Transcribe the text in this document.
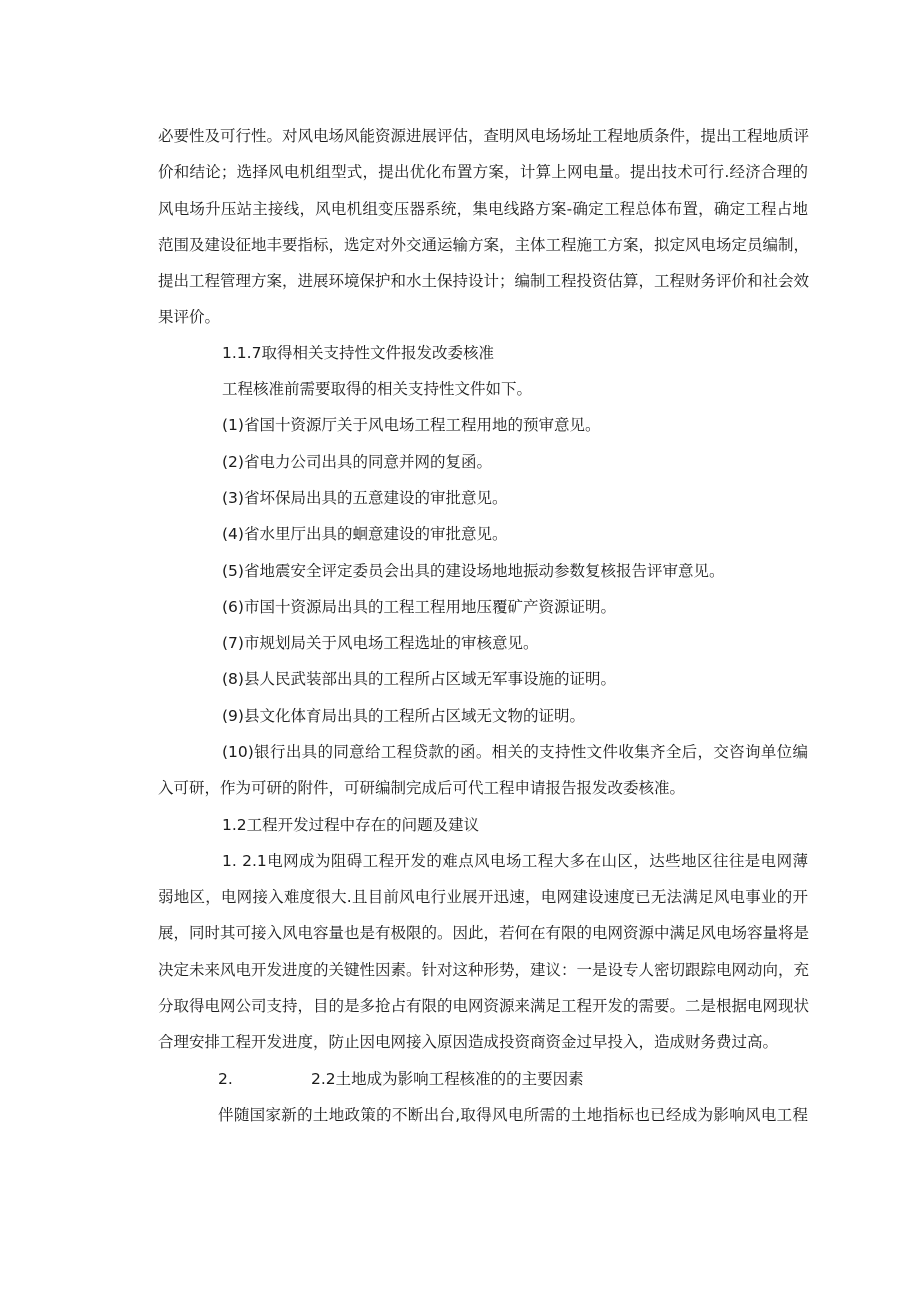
必要性及可行性。对风电场风能资源进展评估，查明风电场场址工程地质条件，提出工程地质评
价和结论；选择风电机组型式，提出优化布置方案，计算上网电量。提出技术可行.经济合理的
风电场升压站主接线，风电机组变压器系统，集电线路方案-确定工程总体布置，确定工程占地
范围及建设征地丰要指标，选定对外交通运输方案，主体工程施工方案，拟定风电场定员编制，
提出工程管理方案，进展环境保护和水土保持设计；编制工程投资估算，工程财务评价和社会效
果评价。
1.1.7取得相关支持性文件报发改委核准
工程核准前需要取得的相关支持性文件如下。
(1)省国十资源厅关于风电场工程工程用地的预审意见。
(2)省电力公司出具的同意并网的复函。
(3)省坏保局出具的五意建设的审批意见。
(4)省水里厅出具的蛔意建设的审批意见。
(5)省地震安全评定委员会出具的建设场地地振动参数复核报告评审意见。
(6)市国十资源局出具的工程工程用地压覆矿产资源证明。
(7)市规划局关于风电场工程选址的审核意见。
(8)县人民武装部出具的工程所占区域无军事设施的证明。
(9)县文化体育局出具的工程所占区域无文物的证明。
(10)银行出具的同意给工程贷款的函。相关的支持性文件收集齐全后，交咨询单位编
入可研，作为可研的附件，可研编制完成后可代工程申请报告报发改委核准。
1.2工程开发过程中存在的问题及建议
1. 2.1电网成为阻碍工程开发的难点风电场工程大多在山区，达些地区往往是电网薄
弱地区，电网接入难度很大.且目前风电行业展开迅速，电网建设速度已无法满足风电事业的开
展，同时其可接入风电容量也是有极限的。因此，若何在有限的电网资源中满足风电场容量将是
决定未来风电开发进度的关键性因素。针对这种形势，建议：一是设专人密切跟踪电网动向，充
分取得电网公司支持，目的是多抢占有限的电网资源来满足工程开发的需要。二是根据电网现状
合理安排工程开发进度，防止因电网接入原因造成投资商资金过早投入，造成财务费过高。
2.	2.2土地成为影响工程核准的的主要因素
伴随国家新的土地政策的不断出台,取得风电所需的土地指标也已经成为影响风电工程
